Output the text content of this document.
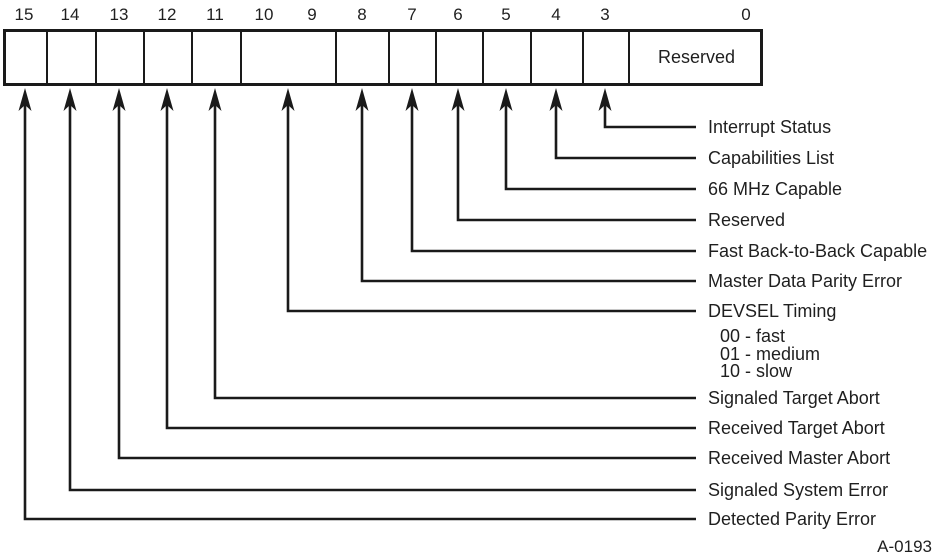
15 14 13 12 11 10 9 8 7 6 5 4 3	0
Reserved
Interrupt Status
Capabilities List
66 MHz Capable
Reserved
Fast Back-to-Back Capable
Master Data Parity Error
DEVSEL Timing
00 - fast
01 - medium
10 - slow
Signaled Target Abort
Received Target Abort
Received Master Abort
Signaled System Error
Detected Parity Error
A-0193
